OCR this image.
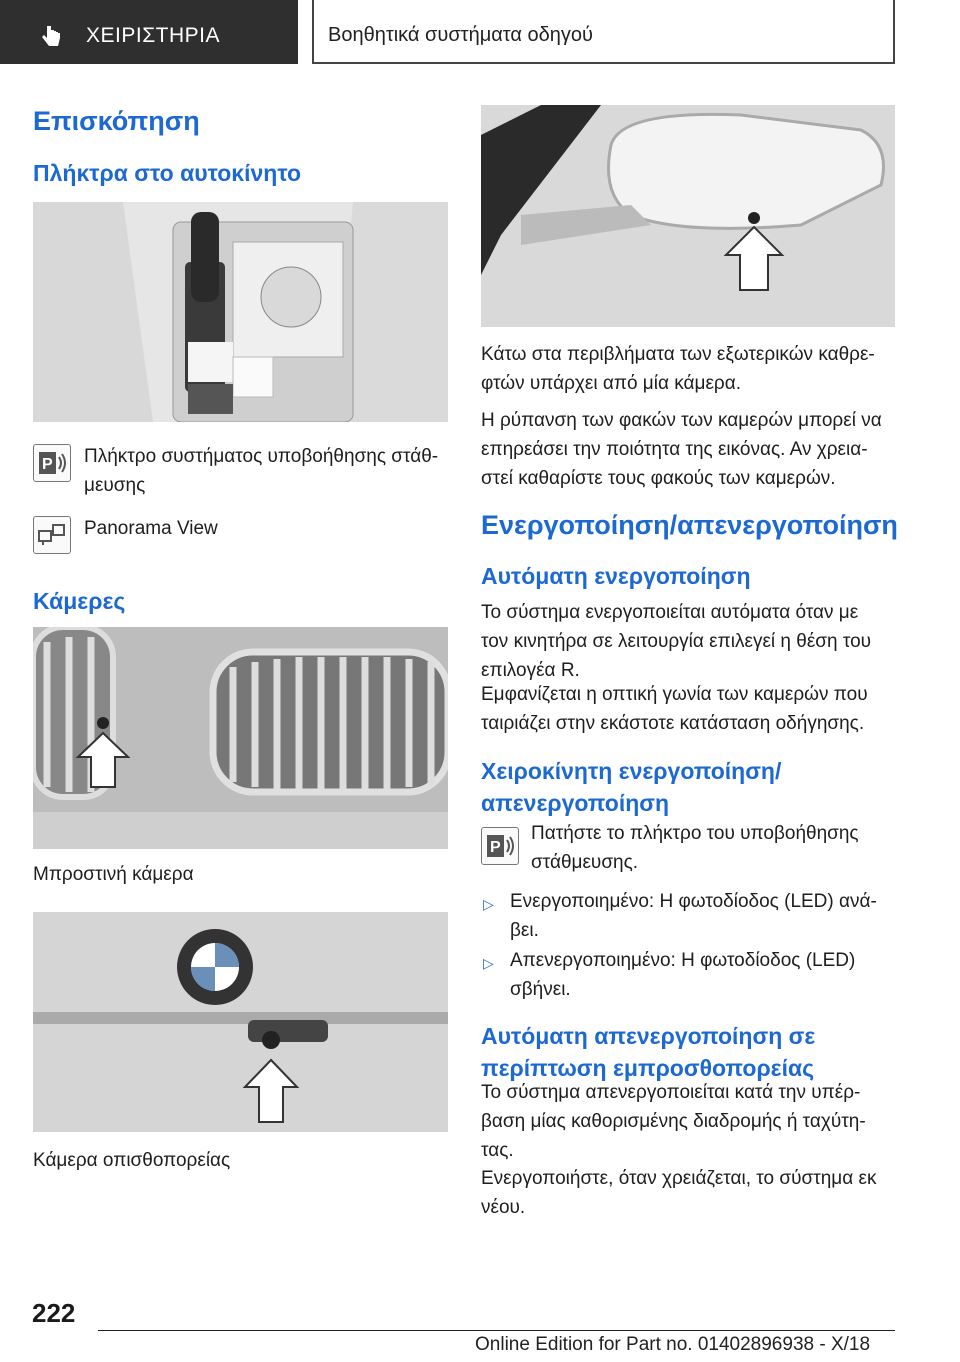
ΧΕΙΡΙΣΤΗΡΙΑ	Βοηθητικά συστήματα οδηγού
Επισκόπηση
Πλήκτρα στο αυτοκίνητο
P Πλήκτρο συστήματος υποβοήθησης στάθ-
μευσης
Panorama View
Κάμερες
Μπροστινή κάμερα
Κάμερα οπισθοπορείας
Κάτω στα περιβλήματα των εξωτερικών καθρε-
φτών υπάρχει από μία κάμερα.
Η ρύπανση των φακών των καμερών μπορεί να
επηρεάσει την ποιότητα της εικόνας. Αν χρεια-
στεί καθαρίστε τους φακούς των καμερών.
Ενεργοποίηση/απενεργοποίηση
Αυτόματη ενεργοποίηση
Το σύστημα ενεργοποιείται αυτόματα όταν με
τον κινητήρα σε λειτουργία επιλεγεί η θέση του
επιλογέα R.
Εμφανίζεται η οπτική γωνία των καμερών που
ταιριάζει στην εκάστοτε κατάσταση οδήγησης.
Χειροκίνητη ενεργοποίηση/
απενεργοποίηση
P
Πατήστε το πλήκτρο του υποβοήθησης
στάθμευσης.
▷ Ενεργοποιημένο: Η φωτοδίοδος (LED) ανά-
βει.
▷ Απενεργοποιημένο: Η φωτοδίοδος (LED)
σβήνει.
Αυτόματη απενεργοποίηση σε
περίπτωση εμπροσθοπορείας
Το σύστημα απενεργοποιείται κατά την υπέρ-
βαση μίας καθορισμένης διαδρομής ή ταχύτη-
τας.
Ενεργοποιήστε, όταν χρειάζεται, το σύστημα εκ
νέου.
222
Online Edition for Part no. 01402896938 - X/18
